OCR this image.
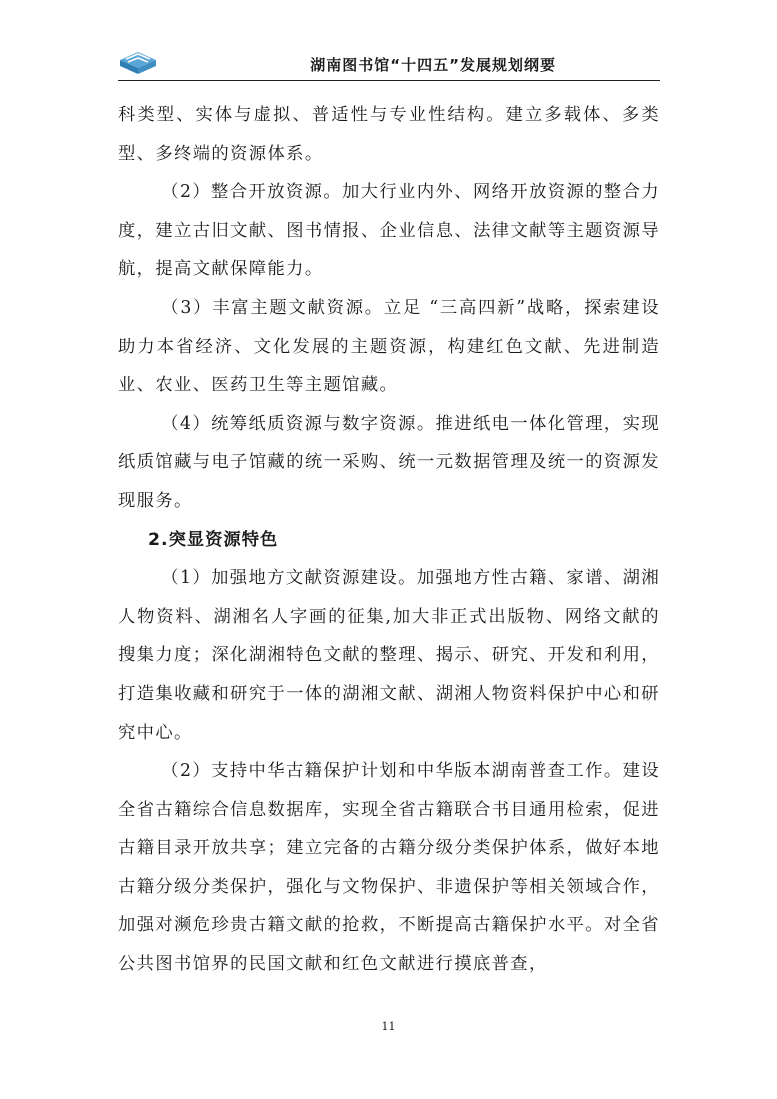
湖南图书馆“十四五”发展规划纲要

科类型、实体与虚拟、普适性与专业性结构。建立多载体、多类型、多终端的资源体系。

（2）整合开放资源。加大行业内外、网络开放资源的整合力度，建立古旧文献、图书情报、企业信息、法律文献等主题资源导航，提高文献保障能力。

（3）丰富主题文献资源。立足 “三高四新”战略，探索建设助力本省经济、文化发展的主题资源，构建红色文献、先进制造业、农业、医药卫生等主题馆藏。

（4）统筹纸质资源与数字资源。推进纸电一体化管理，实现纸质馆藏与电子馆藏的统一采购、统一元数据管理及统一的资源发现服务。

2.突显资源特色

（1）加强地方文献资源建设。加强地方性古籍、家谱、湖湘人物资料、湖湘名人字画的征集,加大非正式出版物、网络文献的搜集力度；深化湖湘特色文献的整理、揭示、研究、开发和利用，打造集收藏和研究于一体的湖湘文献、湖湘人物资料保护中心和研究中心。

（2）支持中华古籍保护计划和中华版本湖南普查工作。建设全省古籍综合信息数据库，实现全省古籍联合书目通用检索，促进古籍目录开放共享；建立完备的古籍分级分类保护体系，做好本地古籍分级分类保护，强化与文物保护、非遗保护等相关领域合作，加强对濒危珍贵古籍文献的抢救，不断提高古籍保护水平。对全省公共图书馆界的民国文献和红色文献进行摸底普查，

11
